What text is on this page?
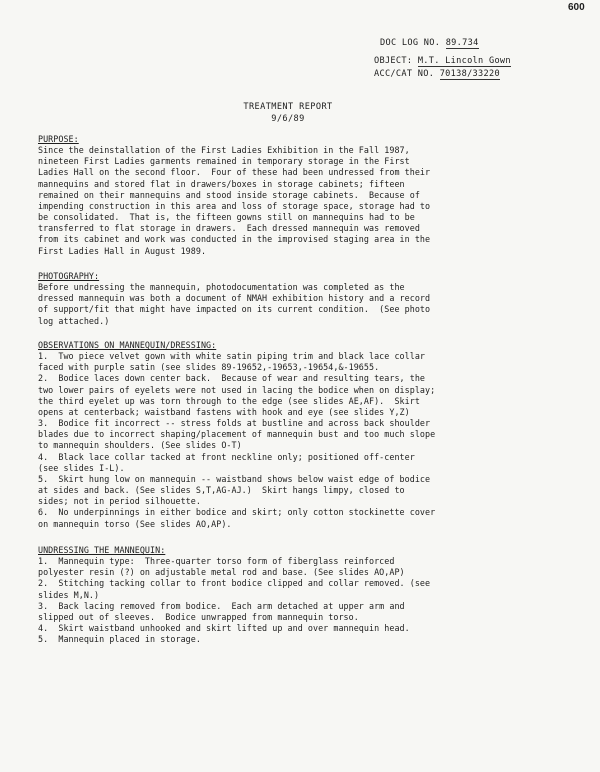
600
DOC LOG NO. 89.734
OBJECT: M.T. Lincoln Gown
ACC/CAT NO. 70138/33220
TREATMENT REPORT
9/6/89
PURPOSE:
Since the deinstallation of the First Ladies Exhibition in the Fall 1987,
nineteen First Ladies garments remained in temporary storage in the First
Ladies Hall on the second floor.  Four of these had been undressed from their
mannequins and stored flat in drawers/boxes in storage cabinets; fifteen
remained on their mannequins and stood inside storage cabinets.  Because of
impending construction in this area and loss of storage space, storage had to
be consolidated.  That is, the fifteen gowns still on mannequins had to be
transferred to flat storage in drawers.  Each dressed mannequin was removed
from its cabinet and work was conducted in the improvised staging area in the
First Ladies Hall in August 1989.
PHOTOGRAPHY:
Before undressing the mannequin, photodocumentation was completed as the
dressed mannequin was both a document of NMAH exhibition history and a record
of support/fit that might have impacted on its current condition.  (See photo
log attached.)
OBSERVATIONS ON MANNEQUIN/DRESSING:
1.  Two piece velvet gown with white satin piping trim and black lace collar
faced with purple satin (see slides 89-19652,-19653,-19654,&-19655.
2.  Bodice laces down center back.  Because of wear and resulting tears, the
two lower pairs of eyelets were not used in lacing the bodice when on display;
the third eyelet up was torn through to the edge (see slides AE,AF).  Skirt
opens at centerback; waistband fastens with hook and eye (see slides Y,Z)
3.  Bodice fit incorrect -- stress folds at bustline and across back shoulder
blades due to incorrect shaping/placement of mannequin bust and too much slope
to mannequin shoulders. (See slides O-T)
4.  Black lace collar tacked at front neckline only; positioned off-center
(see slides I-L).
5.  Skirt hung low on mannequin -- waistband shows below waist edge of bodice
at sides and back. (See slides S,T,AG-AJ.)  Skirt hangs limpy, closed to
sides; not in period silhouette.
6.  No underpinnings in either bodice and skirt; only cotton stockinette cover
on mannequin torso (See slides AO,AP).
UNDRESSING THE MANNEQUIN:
1.  Mannequin type:  Three-quarter torso form of fiberglass reinforced
polyester resin (?) on adjustable metal rod and base. (See slides AO,AP)
2.  Stitching tacking collar to front bodice clipped and collar removed. (see
slides M,N.)
3.  Back lacing removed from bodice.  Each arm detached at upper arm and
slipped out of sleeves.  Bodice unwrapped from mannequin torso.
4.  Skirt waistband unhooked and skirt lifted up and over mannequin head.
5.  Mannequin placed in storage.
